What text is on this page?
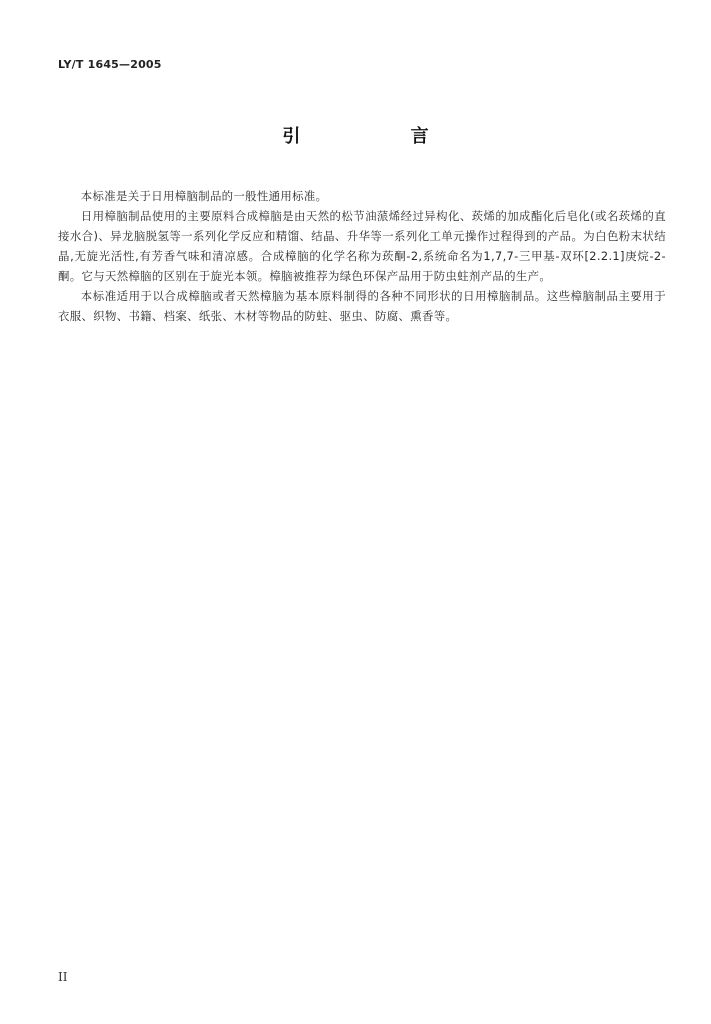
LY/T 1645—2005
引 言

本标准是关于日用樟脑制品的一般性通用标准。

日用樟脑制品使用的主要原料合成樟脑是由天然的松节油蒎烯经过异构化、莰烯的加成酯化后皂化(或名莰烯的直接水合)、异龙脑脱氢等一系列化学反应和精馏、结晶、升华等一系列化工单元操作过程得到的产品。为白色粉末状结晶,无旋光活性,有芳香气味和清凉感。合成樟脑的化学名称为莰酮-2,系统命名为1,7,7-三甲基-双环[2.2.1]庚烷-2-酮。它与天然樟脑的区别在于旋光本领。樟脑被推荐为绿色环保产品用于防虫蛀剂产品的生产。

本标准适用于以合成樟脑或者天然樟脑为基本原料制得的各种不同形状的日用樟脑制品。这些樟脑制品主要用于衣服、织物、书籍、档案、纸张、木材等物品的防蛀、驱虫、防腐、熏香等。

II
